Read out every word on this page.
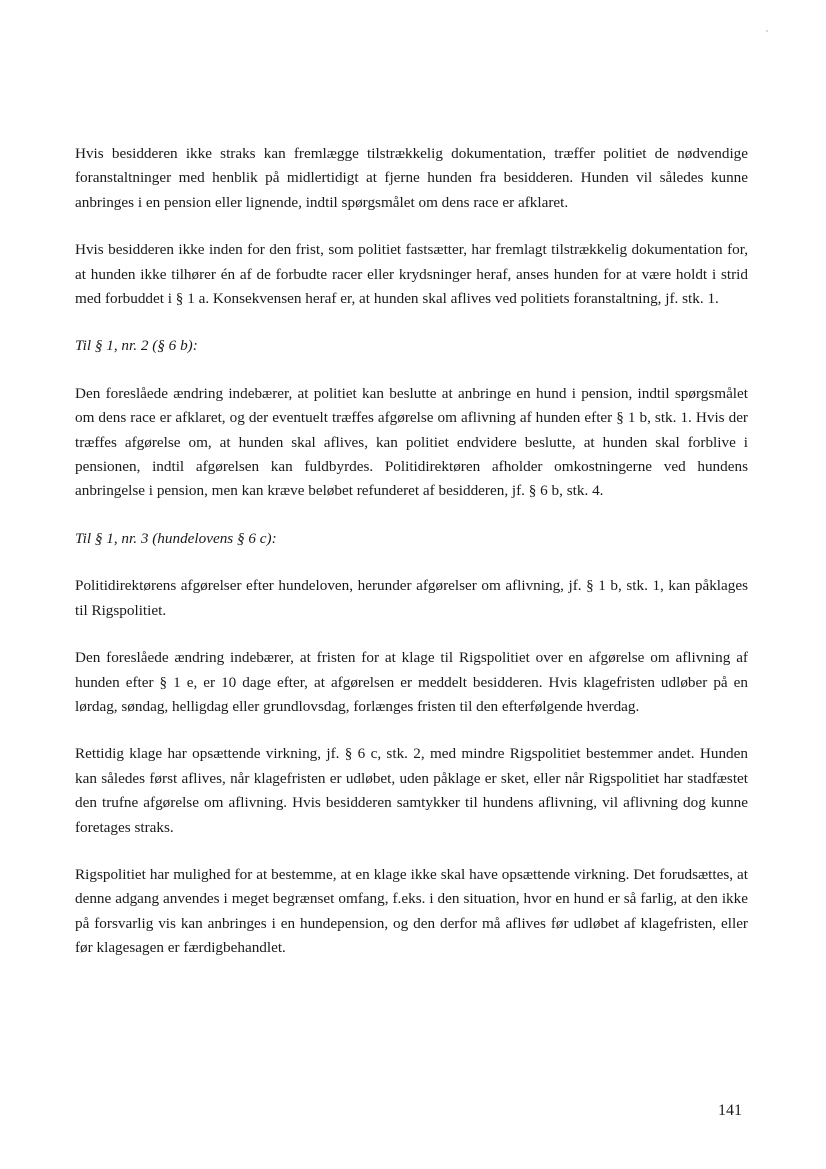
Hvis besidderen ikke straks kan fremlægge tilstrækkelig dokumentation, træffer politiet de nødvendige foranstaltninger med henblik på midlertidigt at fjerne hunden fra besidderen. Hunden vil således kunne anbringes i en pension eller lignende, indtil spørgsmålet om dens race er afklaret.

Hvis besidderen ikke inden for den frist, som politiet fastsætter, har fremlagt tilstrækkelig dokumentation for, at hunden ikke tilhører én af de forbudte racer eller krydsninger heraf, anses hunden for at være holdt i strid med forbuddet i § 1 a. Konsekvensen heraf er, at hunden skal aflives ved politiets foranstaltning, jf. stk. 1.

Til § 1, nr. 2 (§ 6 b):

Den foreslåede ændring indebærer, at politiet kan beslutte at anbringe en hund i pension, indtil spørgsmålet om dens race er afklaret, og der eventuelt træffes afgørelse om aflivning af hunden efter § 1 b, stk. 1. Hvis der træffes afgørelse om, at hunden skal aflives, kan politiet endvidere beslutte, at hunden skal forblive i pensionen, indtil afgørelsen kan fuldbyrdes. Politidirektøren afholder omkostningerne ved hundens anbringelse i pension, men kan kræve beløbet refunderet af besidderen, jf. § 6 b, stk. 4.

Til § 1, nr. 3 (hundelovens § 6 c):

Politidirektørens afgørelser efter hundeloven, herunder afgørelser om aflivning, jf. § 1 b, stk. 1, kan påklages til Rigspolitiet.

Den foreslåede ændring indebærer, at fristen for at klage til Rigspolitiet over en afgørelse om aflivning af hunden efter § 1 e, er 10 dage efter, at afgørelsen er meddelt besidderen. Hvis klagefristen udløber på en lørdag, søndag, helligdag eller grundlovsdag, forlænges fristen til den efterfølgende hverdag.

Rettidig klage har opsættende virkning, jf. § 6 c, stk. 2, med mindre Rigspolitiet bestemmer andet. Hunden kan således først aflives, når klagefristen er udløbet, uden påklage er sket, eller når Rigspolitiet har stadfæstet den trufne afgørelse om aflivning. Hvis besidderen samtykker til hundens aflivning, vil aflivning dog kunne foretages straks.

Rigspolitiet har mulighed for at bestemme, at en klage ikke skal have opsættende virkning. Det forudsættes, at denne adgang anvendes i meget begrænset omfang, f.eks. i den situation, hvor en hund er så farlig, at den ikke på forsvarlig vis kan anbringes i en hundepension, og den derfor må aflives før udløbet af klagefristen, eller før klagesagen er færdigbehandlet.

141
